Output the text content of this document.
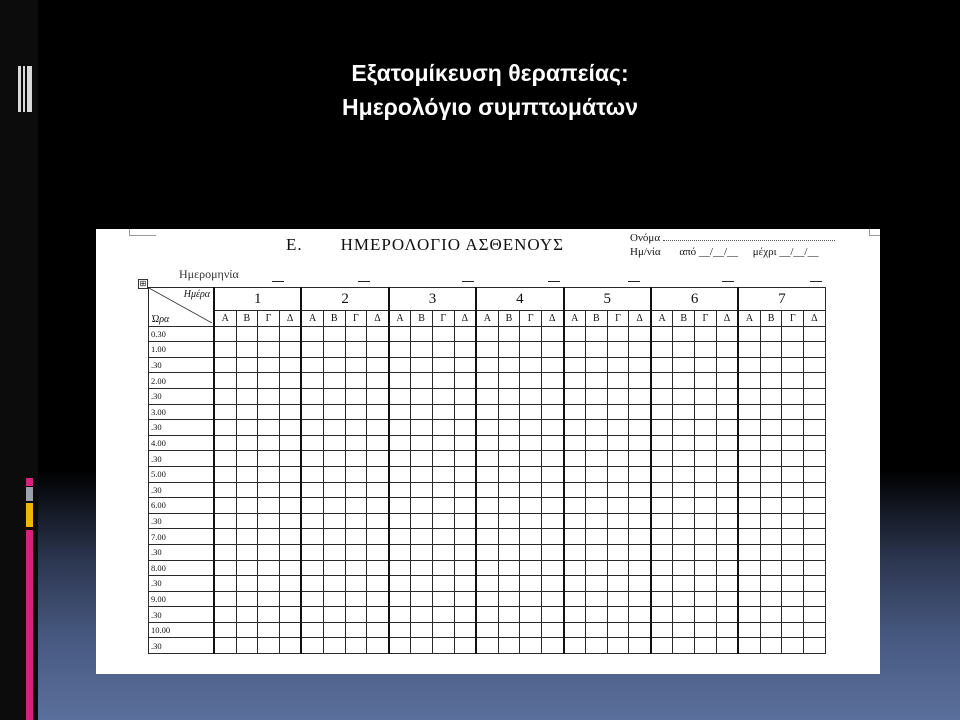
Εξατομίκευση θεραπείας:
Ημερολόγιο συμπτωμάτων
Ε. ΗΜΕΡΟΛΟΓΙΟ ΑΣΘΕΝΟΥΣ	Ονόμα
Ημ/νία από __/__/__ μέχρι __/__/__
Ημερομηνία
⊞
Ημέρα
Ώρα	1				2				3				4				5				6				7			
	Α	Β	Γ	Δ	Α	Β	Γ	Δ	Α	Β	Γ	Δ	Α	Β	Γ	Δ	Α	Β	Γ	Δ	Α	Β	Γ	Δ	Α	Β	Γ	Δ
0.30																												
1.00																												
.30																												
2.00																												
.30																												
3.00																												
.30																												
4.00																												
.30																												
5.00																												
.30																												
6.00																												
.30																												
7.00																												
.30																												
8.00																												
.30																												
9.00																												
.30																												
10.00																												
.30																												
